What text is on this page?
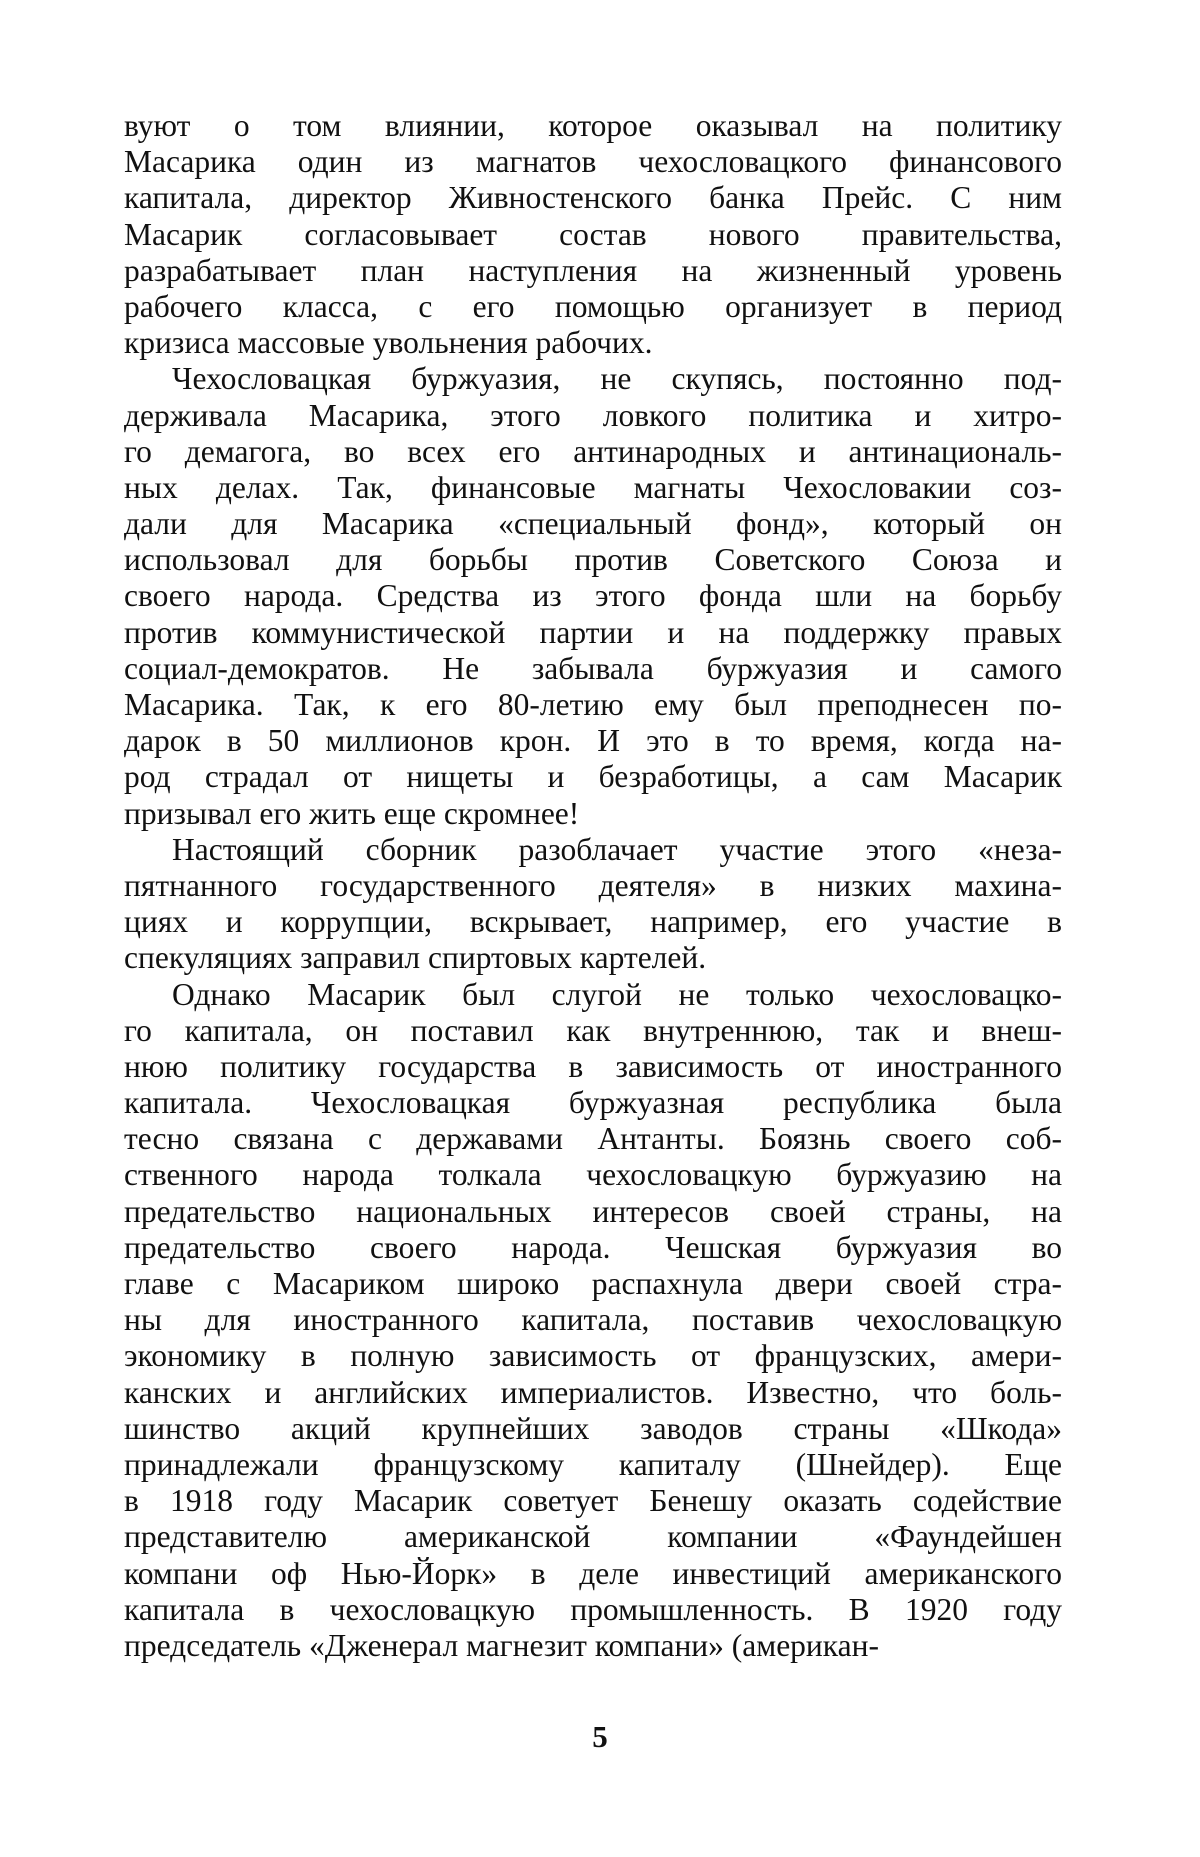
вуют о том влиянии, которое оказывал на политику
Масарика один из магнатов чехословацкого финансового
капитала, директор Живностенского банка Прейс. С ним
Масарик согласовывает состав нового правительства,
разрабатывает план наступления на жизненный уровень
рабочего класса, с его помощью организует в период
кризиса массовые увольнения рабочих.
Чехословацкая буржуазия, не скупясь, постоянно под-
держивала Масарика, этого ловкого политика и хитро-
го демагога, во всех его антинародных и антинациональ-
ных делах. Так, финансовые магнаты Чехословакии соз-
дали для Масарика «специальный фонд», который он
использовал для борьбы против Советского Союза и
своего народа. Средства из этого фонда шли на борьбу
против коммунистической партии и на поддержку правых
социал-демократов. Не забывала буржуазия и самого
Масарика. Так, к его 80-летию ему был преподнесен по-
дарок в 50 миллионов крон. И это в то время, когда на-
род страдал от нищеты и безработицы, а сам Масарик
призывал его жить еще скромнее!
Настоящий сборник разоблачает участие этого «неза-
пятнанного государственного деятеля» в низких махина-
циях и коррупции, вскрывает, например, его участие в
спекуляциях заправил спиртовых картелей.
Однако Масарик был слугой не только чехословацко-
го капитала, он поставил как внутреннюю, так и внеш-
нюю политику государства в зависимость от иностранного
капитала. Чехословацкая буржуазная республика была
тесно связана с державами Антанты. Боязнь своего соб-
ственного народа толкала чехословацкую буржуазию на
предательство национальных интересов своей страны, на
предательство своего народа. Чешская буржуазия во
главе с Масариком широко распахнула двери своей стра-
ны для иностранного капитала, поставив чехословацкую
экономику в полную зависимость от французских, амери-
канских и английских империалистов. Известно, что боль-
шинство акций крупнейших заводов страны «Шкода»
принадлежали французскому капиталу (Шнейдер). Еще
в 1918 году Масарик советует Бенешу оказать содействие
представителю американской компании «Фаундейшен
компани оф Нью-Йорк» в деле инвестиций американского
капитала в чехословацкую промышленность. В 1920 году
председатель «Дженерал магнезит компани» (американ-
5
